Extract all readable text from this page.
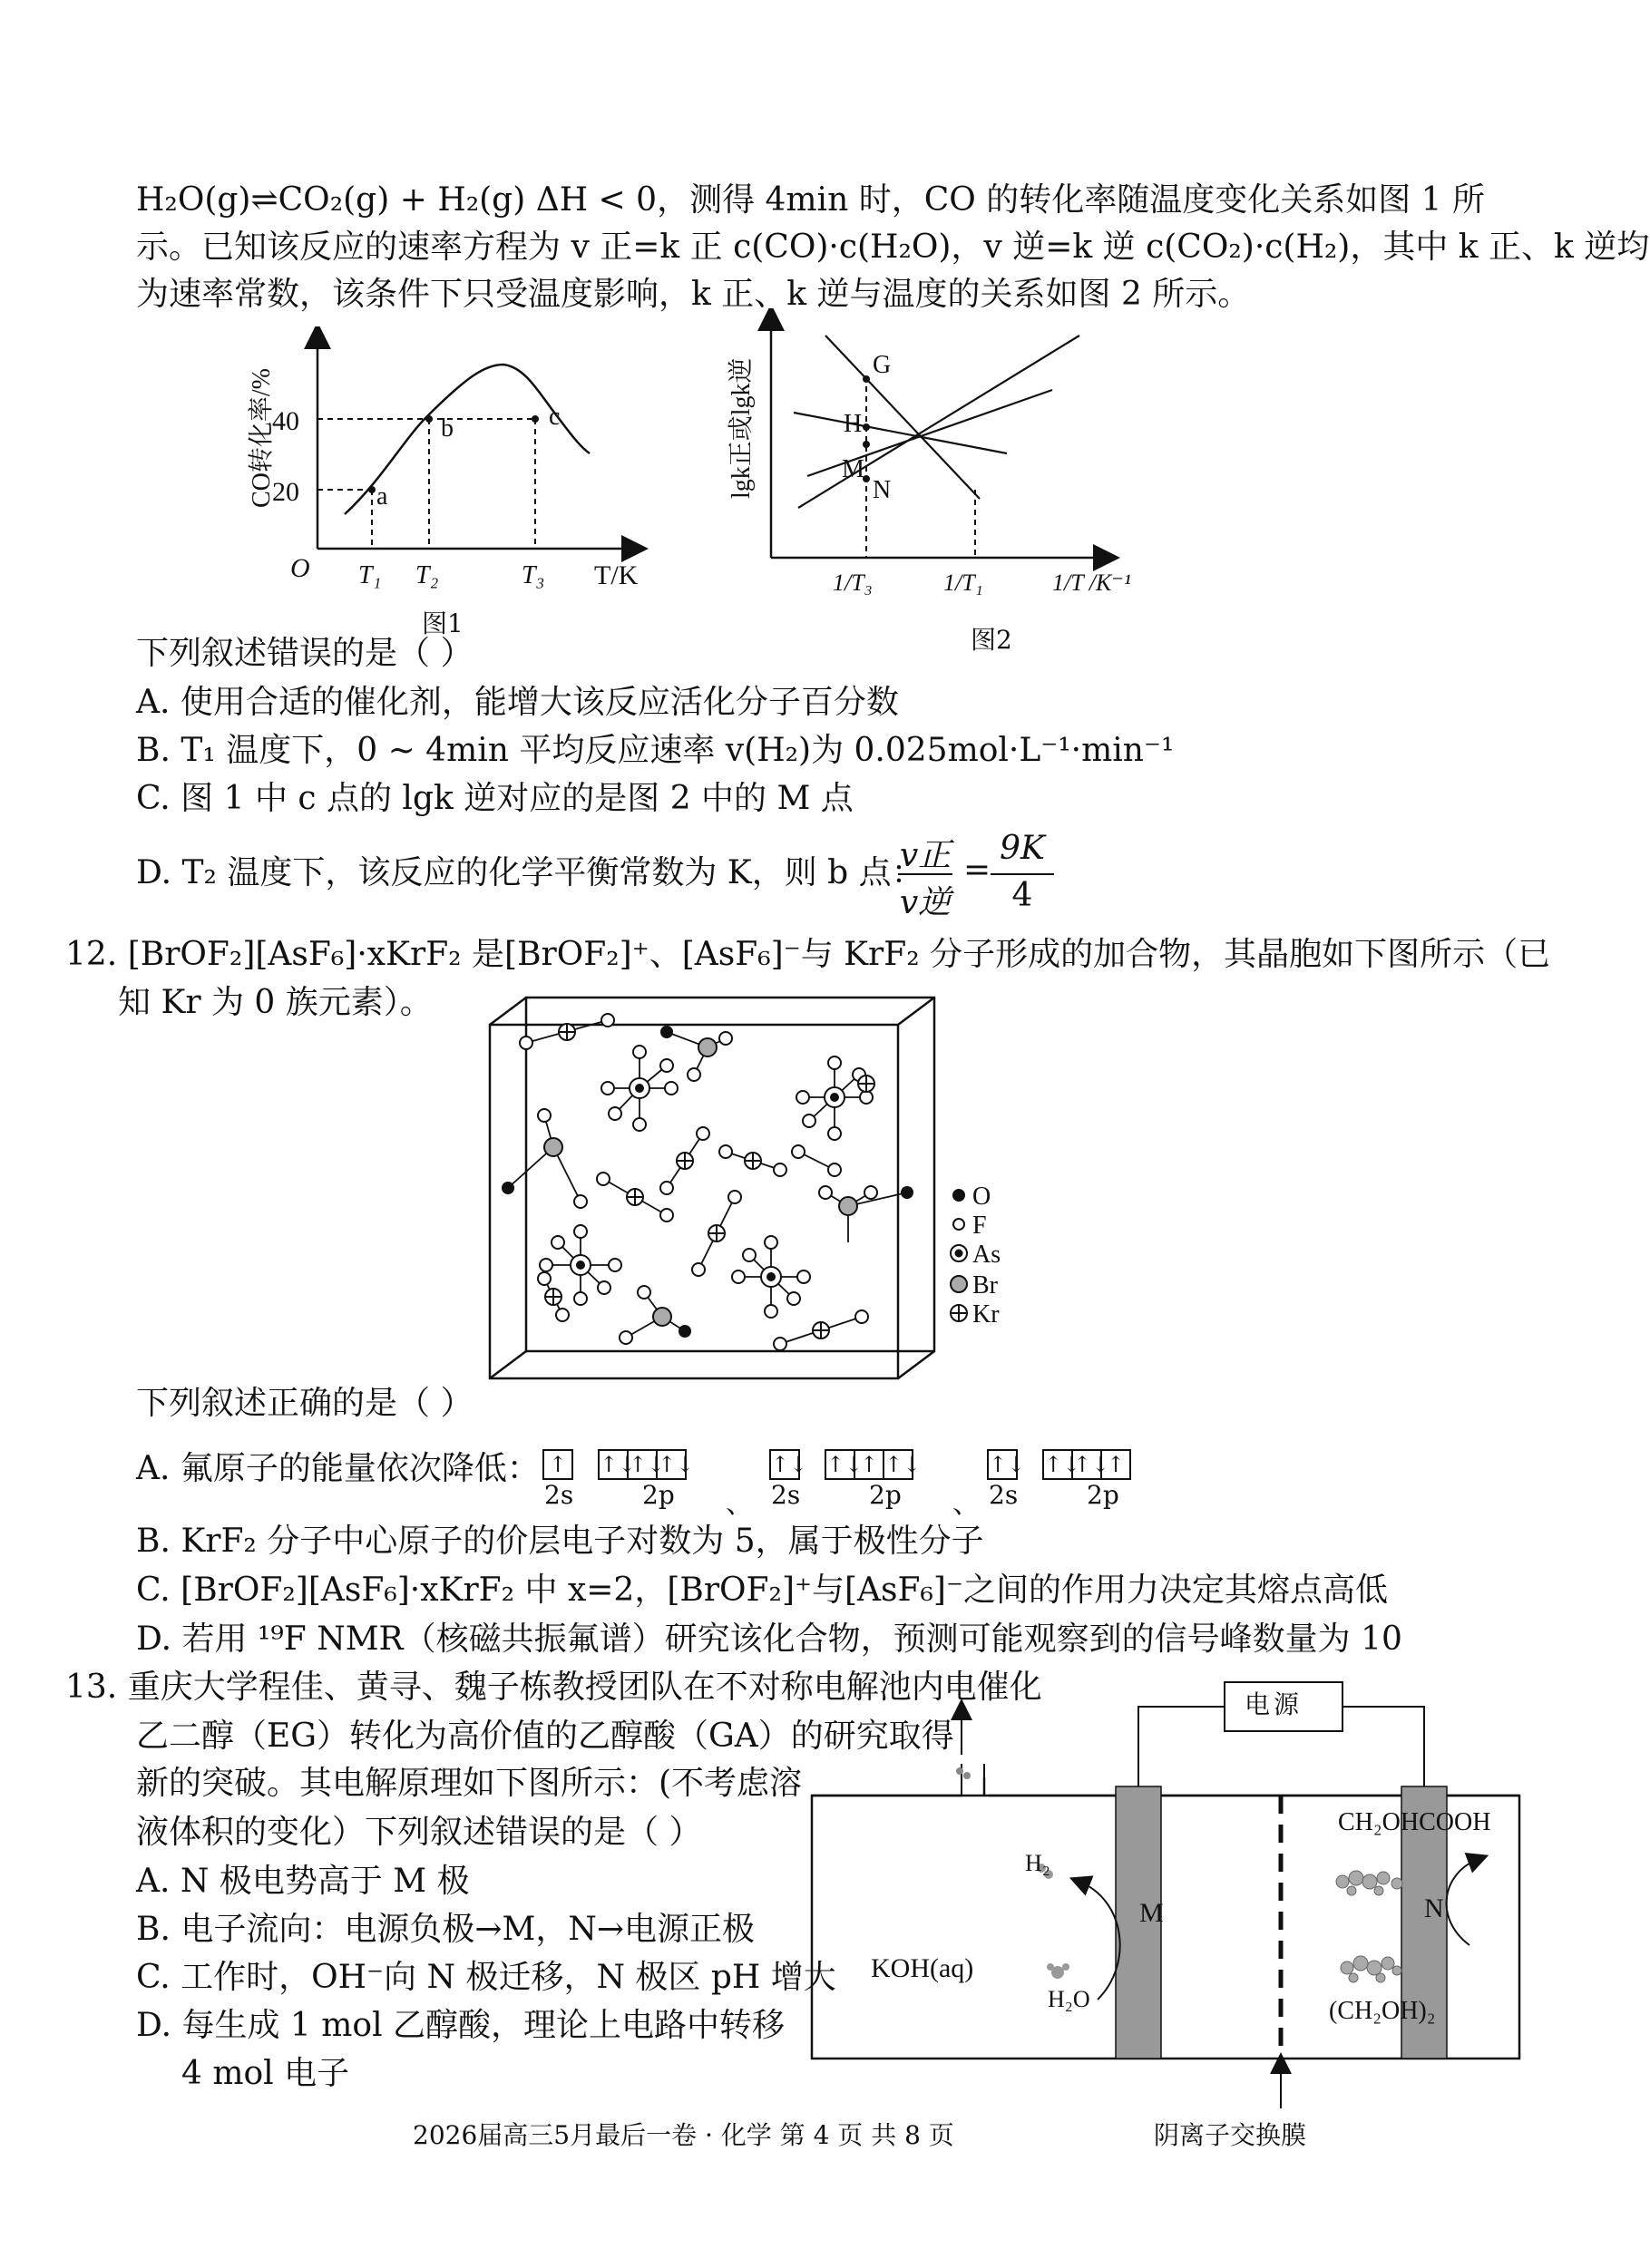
H₂O(g)⇌CO₂(g) + H₂(g) ΔH < 0，测得 4min 时，CO 的转化率随温度变化关系如图 1 所
示。已知该反应的速率方程为 v 正=k 正 c(CO)·c(H₂O)，v 逆=k 逆 c(CO₂)·c(H₂)，其中 k 正、k 逆均
为速率常数，该条件下只受温度影响，k 正、k 逆与温度的关系如图 2 所示。
CO转化率/%
40
20
O T₁ T₂	T₃ T/K
a
b	c
图1
lgk正或lgk逆	G
H
M
N
1/T₃	1/T₁	1/T /K⁻¹
图2
下列叙述错误的是（ ）
A. 使用合适的催化剂，能增大该反应活化分子百分数
B. T₁ 温度下，0 ~ 4min 平均反应速率 v(H₂)为 0.025mol·L⁻¹·min⁻¹
C. 图 1 中 c 点的 lgk 逆对应的是图 2 中的 M 点
D. T₂ 温度下，该反应的化学平衡常数为 K，则 b 点：
v正
v逆
=
9K
4
12. [BrOF₂][AsF₆]·xKrF₂ 是[BrOF₂]⁺、[AsF₆]⁻与 KrF₂ 分子形成的加合物，其晶胞如下图所示（已
知 Kr 为 0 族元素）。
O
F
As
Br
Kr
下列叙述正确的是（ ）
A. 氟原子的能量依次降低： ↑ ↑↓↑↓↑↓
2s	2p 、
↑↓ ↑↓↑ ↑↓
2s	2p 、
↑↓ ↑↓↑↓↑
2s	2p
B. KrF₂ 分子中心原子的价层电子对数为 5，属于极性分子
C. [BrOF₂][AsF₆]·xKrF₂ 中 x=2，[BrOF₂]⁺与[AsF₆]⁻之间的作用力决定其熔点高低
D. 若用 ¹⁹F NMR（核磁共振氟谱）研究该化合物，预测可能观察到的信号峰数量为 10
13. 重庆大学程佳、黄寻、魏子栋教授团队在不对称电解池内电催化
乙二醇（EG）转化为高价值的乙醇酸（GA）的研究取得
新的突破。其电解原理如下图所示：(不考虑溶
液体积的变化）下列叙述错误的是（ ）
A. N 极电势高于 M 极
B. 电子流向：电源负极→M，N→电源正极
C. 工作时，OH⁻向 N 极迁移，N 极区 pH 增大
D. 每生成 1 mol 乙醇酸，理论上电路中转移
4 mol 电子
电源
KOH(aq)
M	N
H₂
H₂O
CH₂OHCOOH
(CH₂OH)₂
阴离子交换膜
2026届高三5月最后一卷 · 化学 第 4 页 共 8 页
